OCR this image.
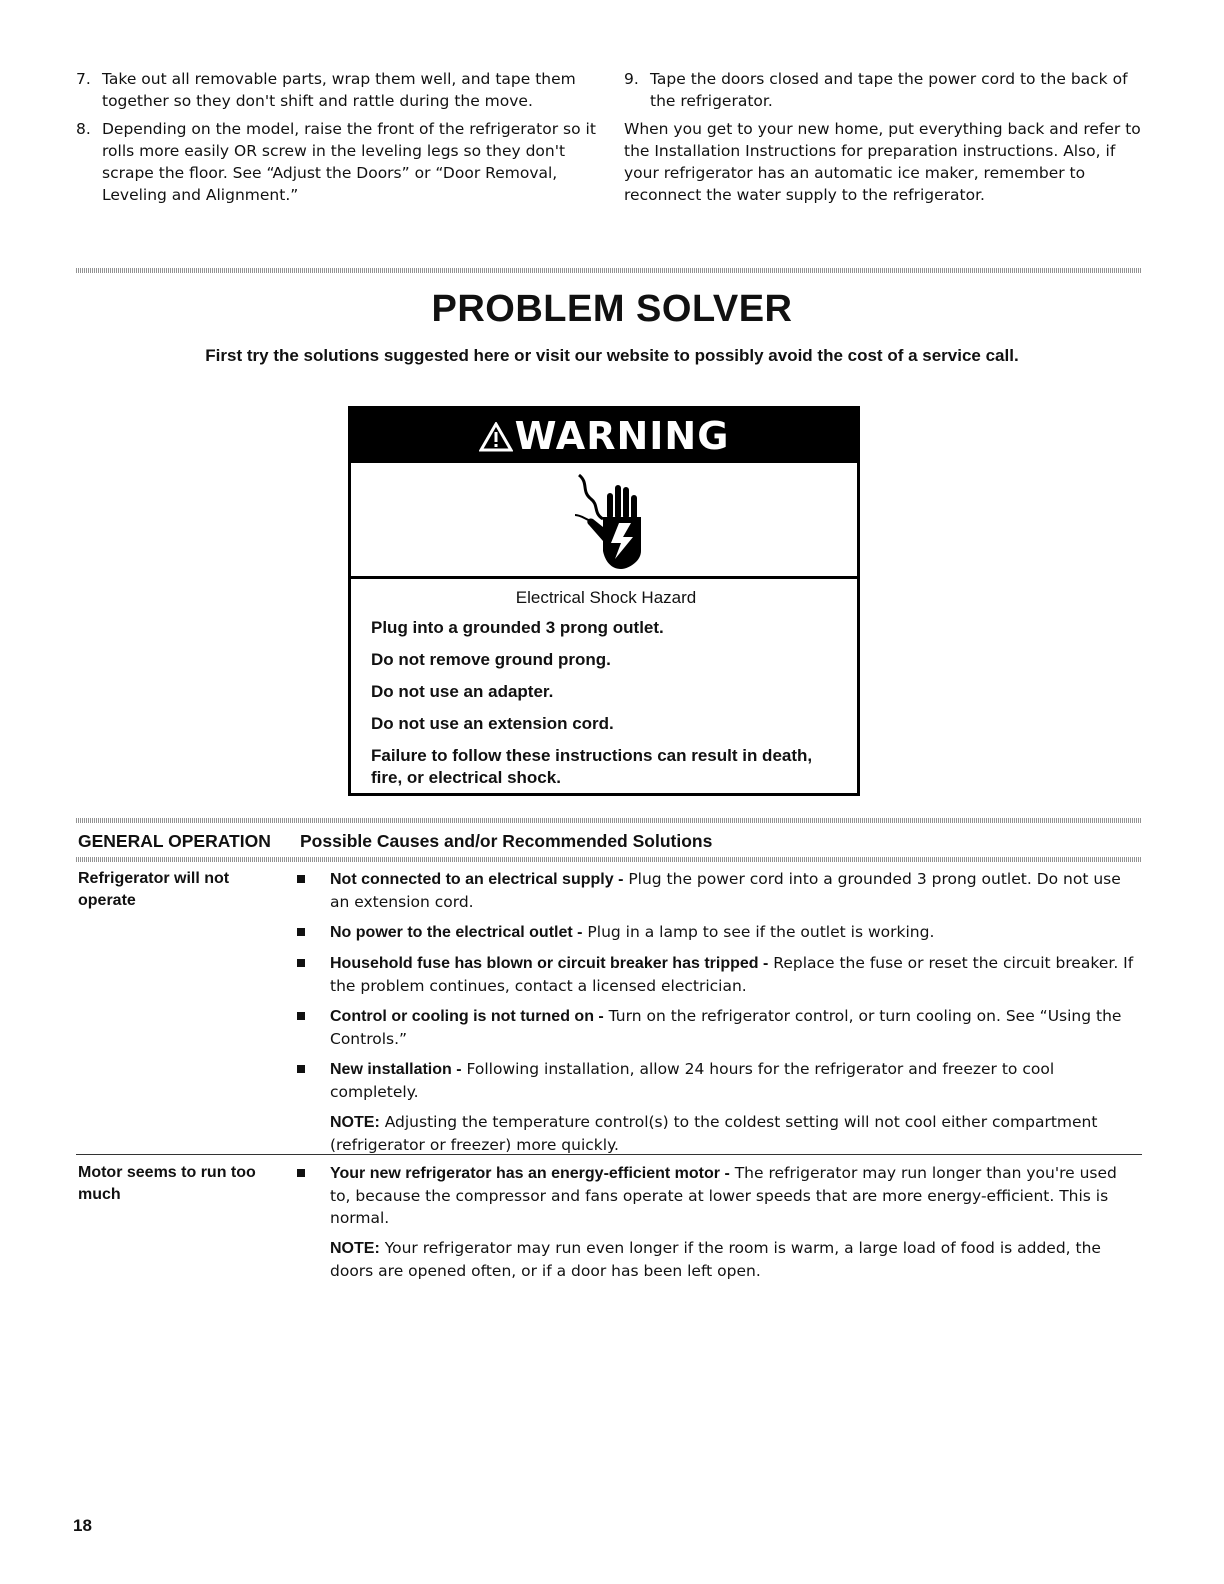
7. Take out all removable parts, wrap them well, and tape them together so they don't shift and rattle during the move.
8. Depending on the model, raise the front of the refrigerator so it rolls more easily OR screw in the leveling legs so they don't scrape the floor. See “Adjust the Doors” or “Door Removal, Leveling and Alignment.”
9. Tape the doors closed and tape the power cord to the back of the refrigerator.

When you get to your new home, put everything back and refer to the Installation Instructions for preparation instructions. Also, if your refrigerator has an automatic ice maker, remember to reconnect the water supply to the refrigerator.

PROBLEM SOLVER
First try the solutions suggested here or visit our website to possibly avoid the cost of a service call.
WARNING
Electrical Shock Hazard

Plug into a grounded 3 prong outlet.

Do not remove ground prong.

Do not use an adapter.

Do not use an extension cord.

Failure to follow these instructions can result in death, fire, or electrical shock.

GENERAL OPERATION Possible Causes and/or Recommended Solutions
Refrigerator will not operate
Not connected to an electrical supply - Plug the power cord into a grounded 3 prong outlet. Do not use an extension cord.
No power to the electrical outlet - Plug in a lamp to see if the outlet is working.
Household fuse has blown or circuit breaker has tripped - Replace the fuse or reset the circuit breaker. If the problem continues, contact a licensed electrician.
Control or cooling is not turned on - Turn on the refrigerator control, or turn cooling on. See “Using the Controls.”
New installation - Following installation, allow 24 hours for the refrigerator and freezer to cool completely.
NOTE: Adjusting the temperature control(s) to the coldest setting will not cool either compartment (refrigerator or freezer) more quickly.
Motor seems to run too much
Your new refrigerator has an energy-efficient motor - The refrigerator may run longer than you're used to, because the compressor and fans operate at lower speeds that are more energy-efficient. This is normal.
NOTE: Your refrigerator may run even longer if the room is warm, a large load of food is added, the doors are opened often, or if a door has been left open.
18
